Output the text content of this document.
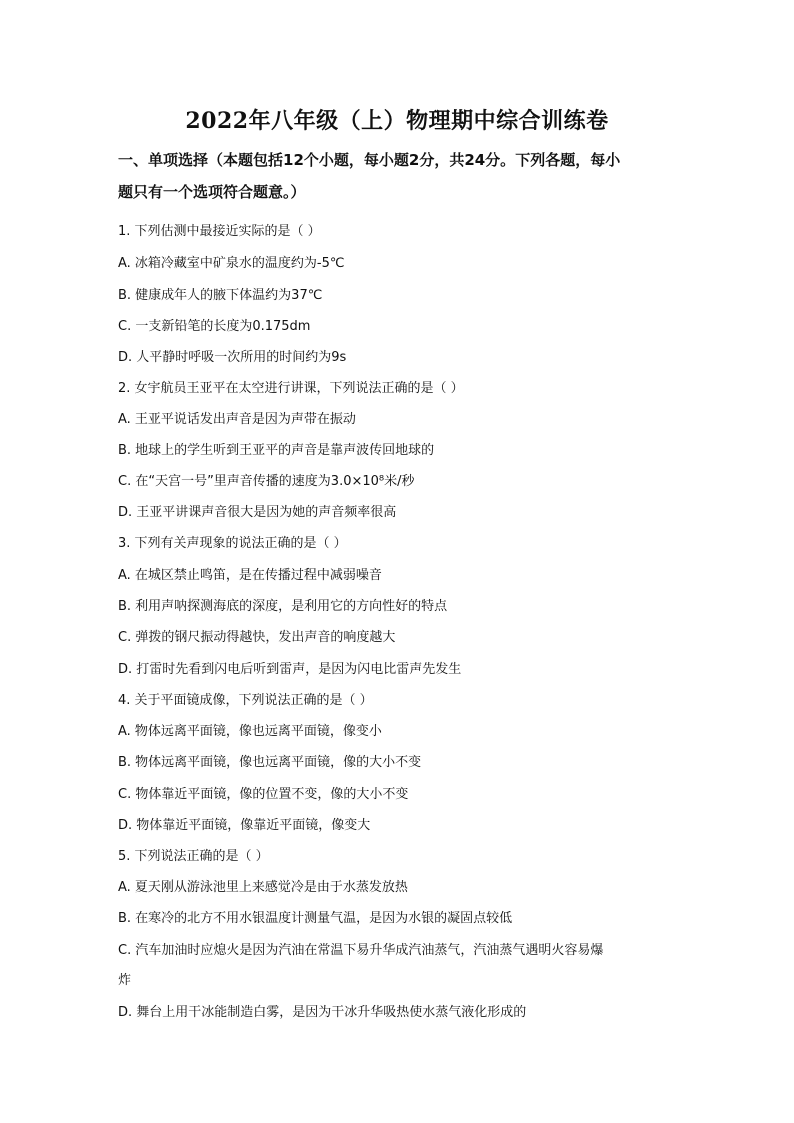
2022年八年级（上）物理期中综合训练卷
一、单项选择（本题包括12个小题，每小题2分，共24分。下列各题，每小
题只有一个选项符合题意。）
1. 下列估测中最接近实际的是（ ）
A. 冰箱冷藏室中矿泉水的温度约为-5℃
B. 健康成年人的腋下体温约为37℃
C. 一支新铅笔的长度为0.175dm
D. 人平静时呼吸一次所用的时间约为9s
2. 女宇航员王亚平在太空进行讲课，下列说法正确的是（ ）
A. 王亚平说话发出声音是因为声带在振动
B. 地球上的学生听到王亚平的声音是靠声波传回地球的
C. 在“天宫一号”里声音传播的速度为3.0×10⁸米/秒
D. 王亚平讲课声音很大是因为她的声音频率很高
3. 下列有关声现象的说法正确的是（ ）
A. 在城区禁止鸣笛，是在传播过程中减弱噪音
B. 利用声呐探测海底的深度，是利用它的方向性好的特点
C. 弹拨的钢尺振动得越快，发出声音的响度越大
D. 打雷时先看到闪电后听到雷声，是因为闪电比雷声先发生
4. 关于平面镜成像，下列说法正确的是（ ）
A. 物体远离平面镜，像也远离平面镜，像变小
B. 物体远离平面镜，像也远离平面镜，像的大小不变
C. 物体靠近平面镜，像的位置不变，像的大小不变
D. 物体靠近平面镜，像靠近平面镜，像变大
5. 下列说法正确的是（ ）
A. 夏天刚从游泳池里上来感觉冷是由于水蒸发放热
B. 在寒冷的北方不用水银温度计测量气温，是因为水银的凝固点较低
C. 汽车加油时应熄火是因为汽油在常温下易升华成汽油蒸气，汽油蒸气遇明火容易爆
炸
D. 舞台上用干冰能制造白雾，是因为干冰升华吸热使水蒸气液化形成的
